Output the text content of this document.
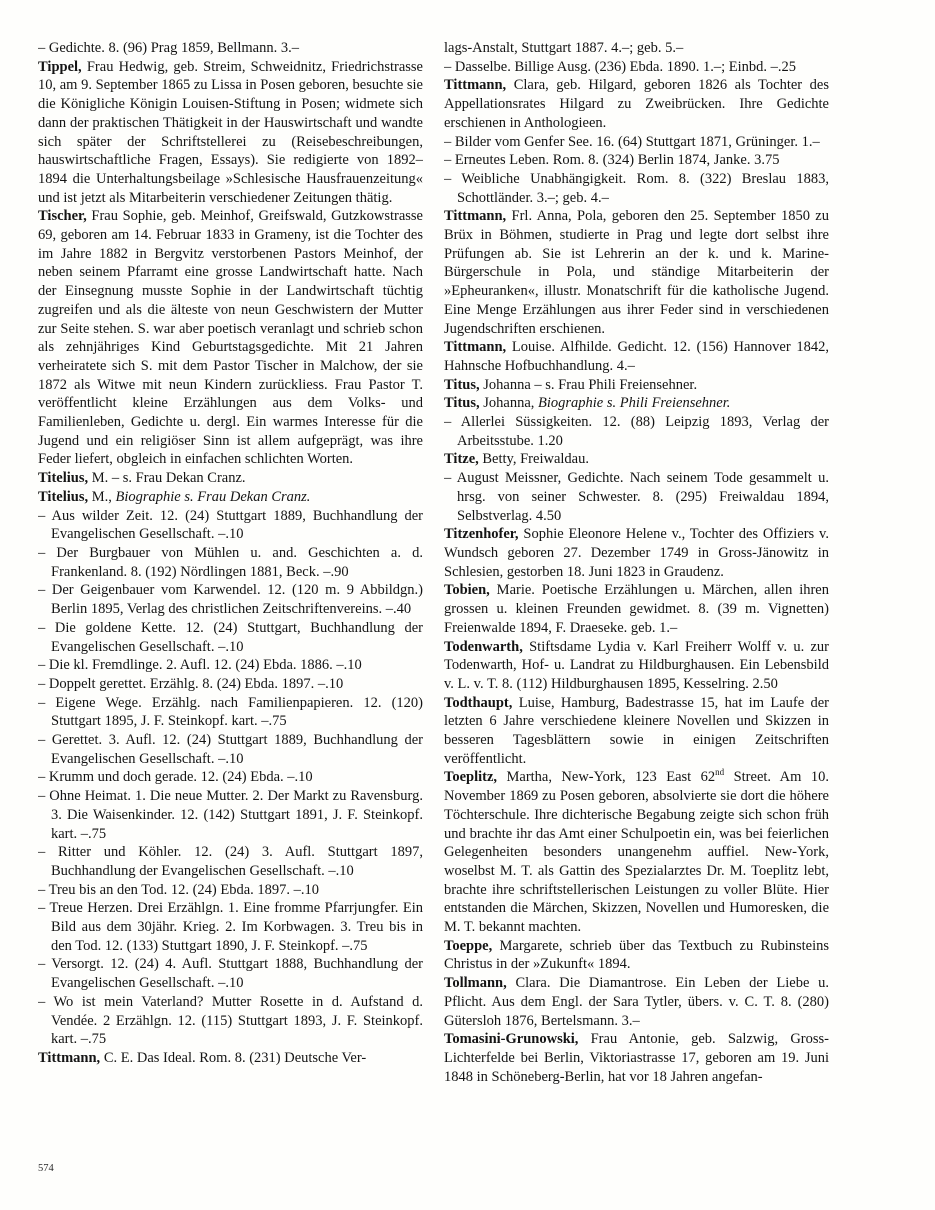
– Gedichte. 8. (96) Prag 1859, Bellmann. 3.–

Tippel, Frau Hedwig, geb. Streim, Schweidnitz, Friedrichstrasse 10, am 9. September 1865 zu Lissa in Posen geboren, besuchte sie die Königliche Königin Louisen-Stiftung in Posen; widmete sich dann der praktischen Thätigkeit in der Hauswirtschaft und wandte sich später der Schriftstellerei zu (Reisebeschreibungen, hauswirtschaftliche Fragen, Essays). Sie redigierte von 1892–1894 die Unterhaltungsbeilage »Schlesische Hausfrauenzeitung« und ist jetzt als Mitarbeiterin verschiedener Zeitungen thätig.

Tischer, Frau Sophie, geb. Meinhof, Greifswald, Gutzkowstrasse 69, geboren am 14. Februar 1833 in Grameny, ist die Tochter des im Jahre 1882 in Bergvitz verstorbenen Pastors Meinhof, der neben seinem Pfarramt eine grosse Landwirtschaft hatte. Nach der Einsegnung musste Sophie in der Landwirtschaft tüchtig zugreifen und als die älteste von neun Geschwistern der Mutter zur Seite stehen. S. war aber poetisch veranlagt und schrieb schon als zehnjähriges Kind Geburtstagsgedichte. Mit 21 Jahren verheiratete sich S. mit dem Pastor Tischer in Malchow, der sie 1872 als Witwe mit neun Kindern zurückliess. Frau Pastor T. veröffentlicht kleine Erzählungen aus dem Volks- und Familienleben, Gedichte u. dergl. Ein warmes Interesse für die Jugend und ein religiöser Sinn ist allem aufgeprägt, was ihre Feder liefert, obgleich in einfachen schlichten Worten.

Titelius, M. – s. Frau Dekan Cranz.

Titelius, M., Biographie s. Frau Dekan Cranz.

– Aus wilder Zeit. 12. (24) Stuttgart 1889, Buchhandlung der Evangelischen Gesellschaft. –.10

– Der Burgbauer von Mühlen u. and. Geschichten a. d. Frankenland. 8. (192) Nördlingen 1881, Beck. –.90

– Der Geigenbauer vom Karwendel. 12. (120 m. 9 Abbildgn.) Berlin 1895, Verlag des christlichen Zeitschriftenvereins. –.40

– Die goldene Kette. 12. (24) Stuttgart, Buchhandlung der Evangelischen Gesellschaft. –.10

– Die kl. Fremdlinge. 2. Aufl. 12. (24) Ebda. 1886. –.10

– Doppelt gerettet. Erzählg. 8. (24) Ebda. 1897. –.10

– Eigene Wege. Erzählg. nach Familienpapieren. 12. (120) Stuttgart 1895, J. F. Steinkopf. kart. –.75

– Gerettet. 3. Aufl. 12. (24) Stuttgart 1889, Buchhandlung der Evangelischen Gesellschaft. –.10

– Krumm und doch gerade. 12. (24) Ebda. –.10

– Ohne Heimat. 1. Die neue Mutter. 2. Der Markt zu Ravensburg. 3. Die Waisenkinder. 12. (142) Stuttgart 1891, J. F. Steinkopf. kart. –.75

– Ritter und Köhler. 12. (24) 3. Aufl. Stuttgart 1897, Buchhandlung der Evangelischen Gesellschaft. –.10

– Treu bis an den Tod. 12. (24) Ebda. 1897. –.10

– Treue Herzen. Drei Erzählgn. 1. Eine fromme Pfarrjungfer. Ein Bild aus dem 30jähr. Krieg. 2. Im Korbwagen. 3. Treu bis in den Tod. 12. (133) Stuttgart 1890, J. F. Steinkopf. –.75

– Versorgt. 12. (24) 4. Aufl. Stuttgart 1888, Buchhandlung der Evangelischen Gesellschaft. –.10

– Wo ist mein Vaterland? Mutter Rosette in d. Aufstand d. Vendée. 2 Erzählgn. 12. (115) Stuttgart 1893, J. F. Steinkopf. kart. –.75

Tittmann, C. E. Das Ideal. Rom. 8. (231) Deutsche Ver-

lags-Anstalt, Stuttgart 1887. 4.–; geb. 5.–

– Dasselbe. Billige Ausg. (236) Ebda. 1890. 1.–; Einbd. –.25

Tittmann, Clara, geb. Hilgard, geboren 1826 als Tochter des Appellationsrates Hilgard zu Zweibrücken. Ihre Gedichte erschienen in Anthologieen.

– Bilder vom Genfer See. 16. (64) Stuttgart 1871, Grüninger. 1.–

– Erneutes Leben. Rom. 8. (324) Berlin 1874, Janke. 3.75

– Weibliche Unabhängigkeit. Rom. 8. (322) Breslau 1883, Schottländer. 3.–; geb. 4.–

Tittmann, Frl. Anna, Pola, geboren den 25. September 1850 zu Brüx in Böhmen, studierte in Prag und legte dort selbst ihre Prüfungen ab. Sie ist Lehrerin an der k. und k. Marine-Bürgerschule in Pola, und ständige Mitarbeiterin der »Epheuranken«, illustr. Monatschrift für die katholische Jugend. Eine Menge Erzählungen aus ihrer Feder sind in verschiedenen Jugendschriften erschienen.

Tittmann, Louise. Alfhilde. Gedicht. 12. (156) Hannover 1842, Hahnsche Hofbuchhandlung. 4.–

Titus, Johanna – s. Frau Phili Freiensehner.

Titus, Johanna, Biographie s. Phili Freiensehner.

– Allerlei Süssigkeiten. 12. (88) Leipzig 1893, Verlag der Arbeitsstube. 1.20

Titze, Betty, Freiwaldau.

– August Meissner, Gedichte. Nach seinem Tode gesammelt u. hrsg. von seiner Schwester. 8. (295) Freiwaldau 1894, Selbstverlag. 4.50

Titzenhofer, Sophie Eleonore Helene v., Tochter des Offiziers v. Wundsch geboren 27. Dezember 1749 in Gross-Jänowitz in Schlesien, gestorben 18. Juni 1823 in Graudenz.

Tobien, Marie. Poetische Erzählungen u. Märchen, allen ihren grossen u. kleinen Freunden gewidmet. 8. (39 m. Vignetten) Freienwalde 1894, F. Draeseke. geb. 1.–

Todenwarth, Stiftsdame Lydia v. Karl Freiherr Wolff v. u. zur Todenwarth, Hof- u. Landrat zu Hildburghausen. Ein Lebensbild v. L. v. T. 8. (112) Hildburghausen 1895, Kesselring. 2.50

Todthaupt, Luise, Hamburg, Badestrasse 15, hat im Laufe der letzten 6 Jahre verschiedene kleinere Novellen und Skizzen in besseren Tagesblättern sowie in einigen Zeitschriften veröffentlicht.

Toeplitz, Martha, New-York, 123 East 62nd Street. Am 10. November 1869 zu Posen geboren, absolvierte sie dort die höhere Töchterschule. Ihre dichterische Begabung zeigte sich schon früh und brachte ihr das Amt einer Schulpoetin ein, was bei feierlichen Gelegenheiten besonders unangenehm auffiel. New-York, woselbst M. T. als Gattin des Spezialarztes Dr. M. Toeplitz lebt, brachte ihre schriftstellerischen Leistungen zu voller Blüte. Hier entstanden die Märchen, Skizzen, Novellen und Humoresken, die M. T. bekannt machten.

Toeppe, Margarete, schrieb über das Textbuch zu Rubinsteins Christus in der »Zukunft« 1894.

Tollmann, Clara. Die Diamantrose. Ein Leben der Liebe u. Pflicht. Aus dem Engl. der Sara Tytler, übers. v. C. T. 8. (280) Gütersloh 1876, Bertelsmann. 3.–

Tomasini-Grunowski, Frau Antonie, geb. Salzwig, Gross-Lichterfelde bei Berlin, Viktoriastrasse 17, geboren am 19. Juni 1848 in Schöneberg-Berlin, hat vor 18 Jahren angefan-

574
